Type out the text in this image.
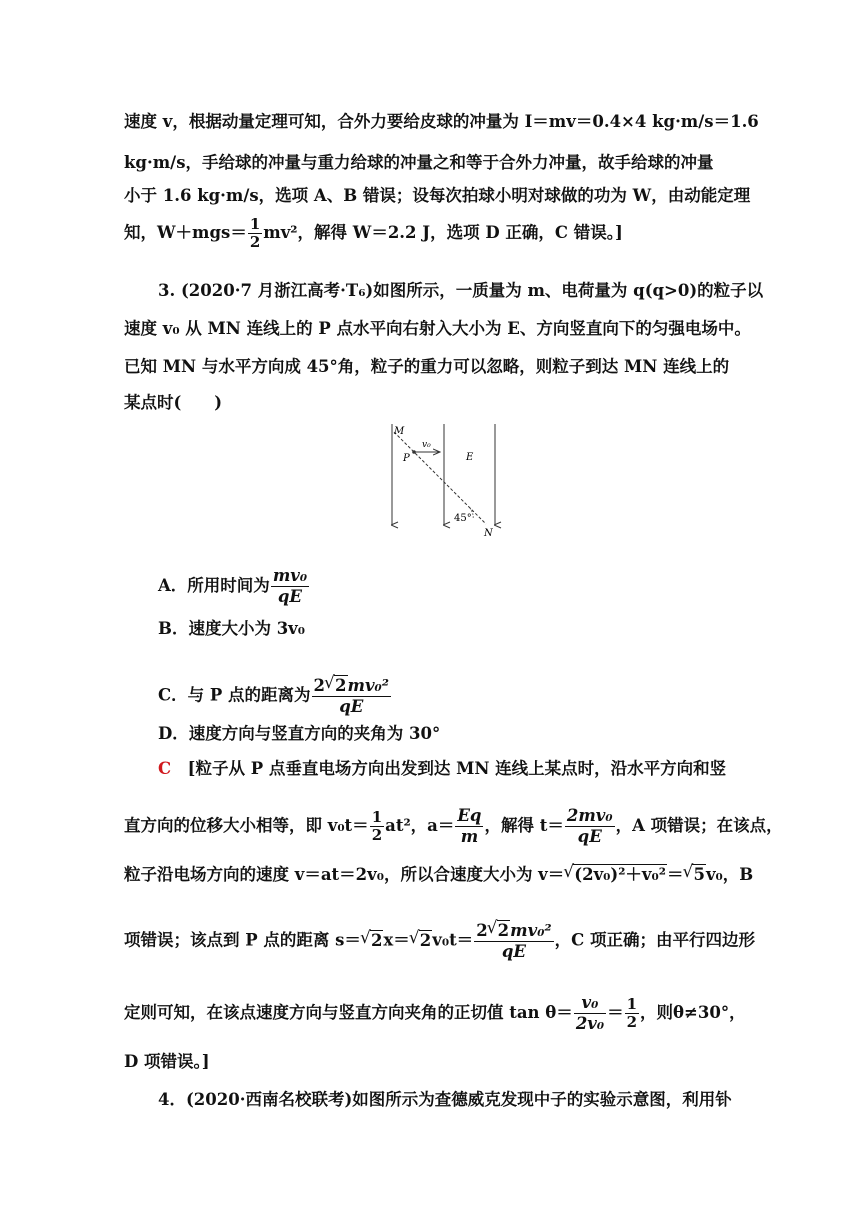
速度 v，根据动量定理可知，合外力要给皮球的冲量为 I＝mv＝0.4×4 kg·m/s＝1.6
kg·m/s，手给球的冲量与重力给球的冲量之和等于合外力冲量，故手给球的冲量
小于 1.6 kg·m/s，选项 A、B 错误；设每次拍球小明对球做的功为 W，由动能定理
知，$W+mgs= \frac{1}{2} mv^2$，解得 W＝2.2 J，选项 D 正确，C 错误。]
3. (2020·7 月浙江高考·T₆)如图所示，一质量为 m、电荷量为 q(q>0)的粒子以
速度 v₀ 从 MN 连线上的 P 点水平向右射入大小为 E、方向竖直向下的匀强电场中。
已知 MN 与水平方向成 45°角，粒子的重力可以忽略，则粒子到达 MN 连线上的
某点时(　　)
M
v₀
P	E
45°
N
A．所用时间为 $\frac{\text{mv₀}}{qE}$
B．速度大小为 3v₀
C．与 P 点的距离为 $\frac{\text{2 √ 2mv₀²}}{qE}$
D．速度方向与竖直方向的夹角为 30°
C　[粒子从 P 点垂直电场方向出发到达 MN 连线上某点时，沿水平方向和竖
直方向的位移大小相等，即 $v_0t= \frac{1}{2} at^2$，$a= \frac{Eq}{m}$ ，解得 $t= \frac{\text{2mv₀}}{qE}$ ，A 项错误；在该点，
粒子沿电场方向的速度 v＝at＝2v₀，所以合速度大小为 v＝ √ (2v₀)²＋v₀²＝ √ 5v₀，B
项错误；该点到 P 点的距离 s＝ √ 2x＝ √ $2v_0t= \frac{\text{2 √ 2mv₀²}}{qE}$ ，C 项正确；由平行四边形
定则可知，在该点速度方向与竖直方向夹角的正切值 $\tan \theta= \frac{\text{v₀}}{\text{2v₀}} = \frac{1}{2}$ ，则θ≠30°，
D 项错误。]
4．(2020·西南名校联考)如图所示为查德威克发现中子的实验示意图，利用钋
